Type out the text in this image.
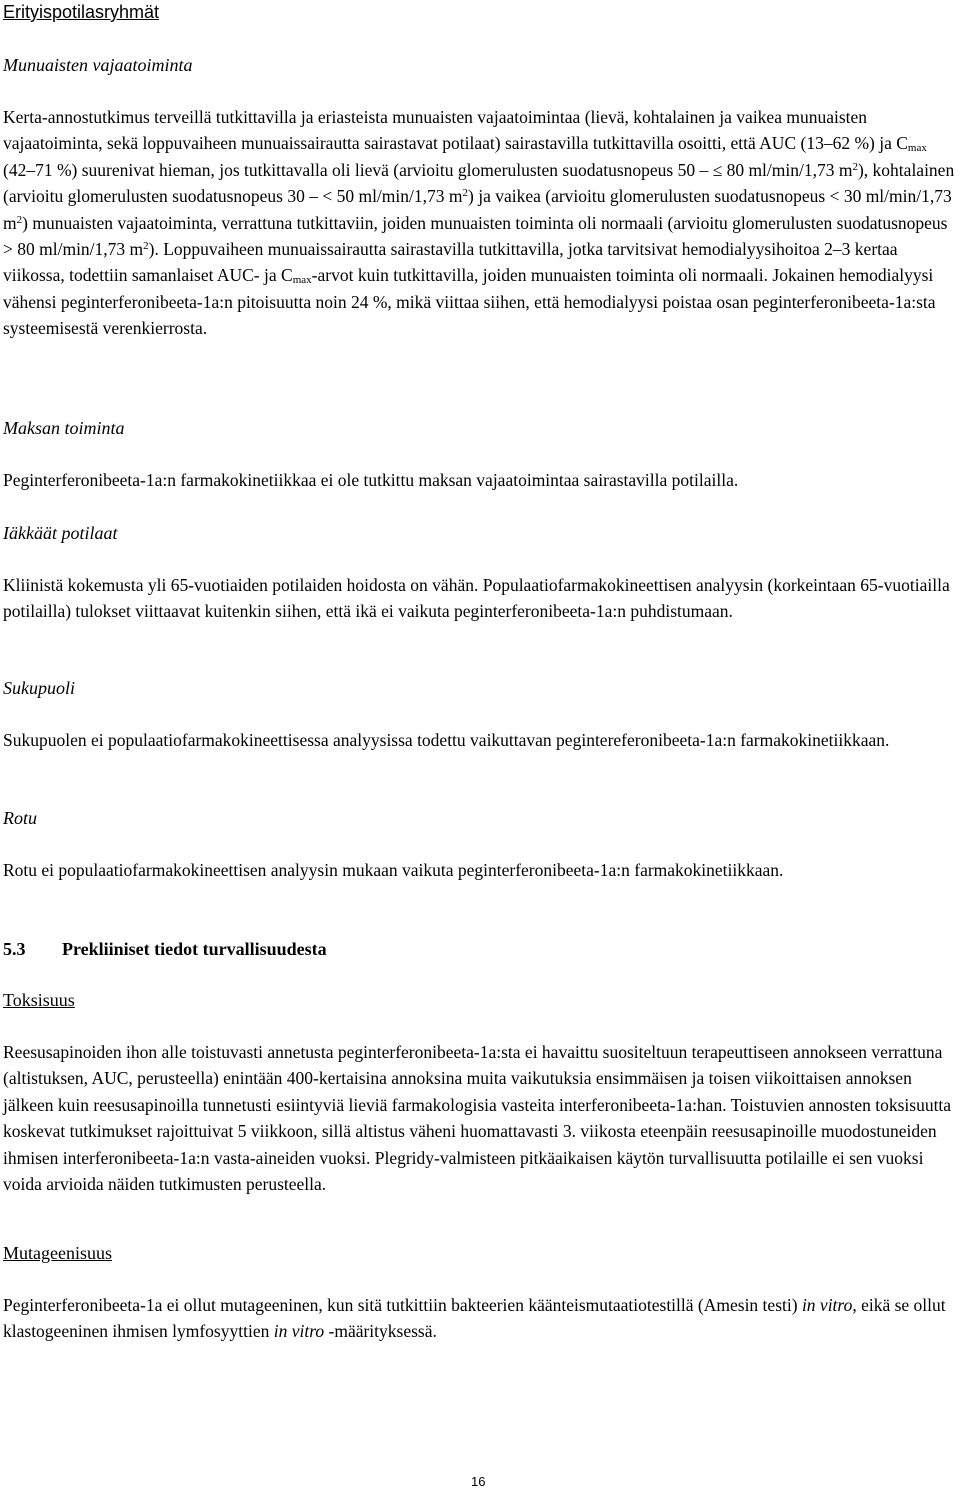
Erityispotilasryhmät
Munuaisten vajaatoiminta
Kerta-annostutkimus terveillä tutkittavilla ja eriasteista munuaisten vajaatoimintaa (lievä, kohtalainen ja vaikea munuaisten vajaatoiminta, sekä loppuvaiheen munuaissairautta sairastavat potilaat) sairastavilla tutkittavilla osoitti, että AUC (13–62 %) ja $C_{max}$ (42–71 %) suurenivat hieman, jos tutkittavalla oli lievä (arvioitu glomerulusten suodatusnopeus 50 – ≤ 80 ml/min/1,73 $m^2$), kohtalainen (arvioitu glomerulusten suodatusnopeus 30 – < 50 ml/min/1,73 $m^2$) ja vaikea (arvioitu glomerulusten suodatusnopeus < 30 ml/min/1,73 $m^2$) munuaisten vajaatoiminta, verrattuna tutkittaviin, joiden munuaisten toiminta oli normaali (arvioitu glomerulusten suodatusnopeus > 80 ml/min/1,73 $m^2$). Loppuvaiheen munuaissairautta sairastavilla tutkittavilla, jotka tarvitsivat hemodialyysihoitoa 2–3 kertaa viikossa, todettiin samanlaiset AUC- ja $C_{max}$-arvot kuin tutkittavilla, joiden munuaisten toiminta oli normaali. Jokainen hemodialyysi vähensi peginterferonibeeta-1a:n pitoisuutta noin 24 %, mikä viittaa siihen, että hemodialyysi poistaa osan peginterferonibeeta-1a:sta systeemisestä verenkierrosta.
Maksan toiminta
Peginterferonibeeta-1a:n farmakokinetiikkaa ei ole tutkittu maksan vajaatoimintaa sairastavilla potilailla.
Iäkkäät potilaat
Kliinistä kokemusta yli 65-vuotiaiden potilaiden hoidosta on vähän. Populaatiofarmakokineettisen analyysin (korkeintaan 65-vuotiailla potilailla) tulokset viittaavat kuitenkin siihen, että ikä ei vaikuta peginterferonibeeta-1a:n puhdistumaan.
Sukupuoli
Sukupuolen ei populaatiofarmakokineettisessa analyysissa todettu vaikuttavan pegintereferonibeeta-1a:n farmakokinetiikkaan.
Rotu
Rotu ei populaatiofarmakokineettisen analyysin mukaan vaikuta peginterferonibeeta-1a:n farmakokinetiikkaan.
5.3 Prekliiniset tiedot turvallisuudesta
Toksisuus
Reesusapinoiden ihon alle toistuvasti annetusta peginterferonibeeta-1a:sta ei havaittu suositeltuun terapeuttiseen annokseen verrattuna (altistuksen, AUC, perusteella) enintään 400-kertaisina annoksina muita vaikutuksia ensimmäisen ja toisen viikoittaisen annoksen jälkeen kuin reesusapinoilla tunnetusti esiintyviä lieviä farmakologisia vasteita interferonibeeta-1a:han. Toistuvien annosten toksisuutta koskevat tutkimukset rajoittuivat 5 viikkoon, sillä altistus väheni huomattavasti 3. viikosta eteenpäin reesusapinoille muodostuneiden ihmisen interferonibeeta-1a:n vasta-aineiden vuoksi. Plegridy-valmisteen pitkäaikaisen käytön turvallisuutta potilaille ei sen vuoksi voida arvioida näiden tutkimusten perusteella.
Mutageenisuus
Peginterferonibeeta-1a ei ollut mutageeninen, kun sitä tutkittiin bakteerien käänteismutaatiotestillä (Amesin testi) in vitro, eikä se ollut klastogeeninen ihmisen lymfosyyttien in vitro -määrityksessä.
16
